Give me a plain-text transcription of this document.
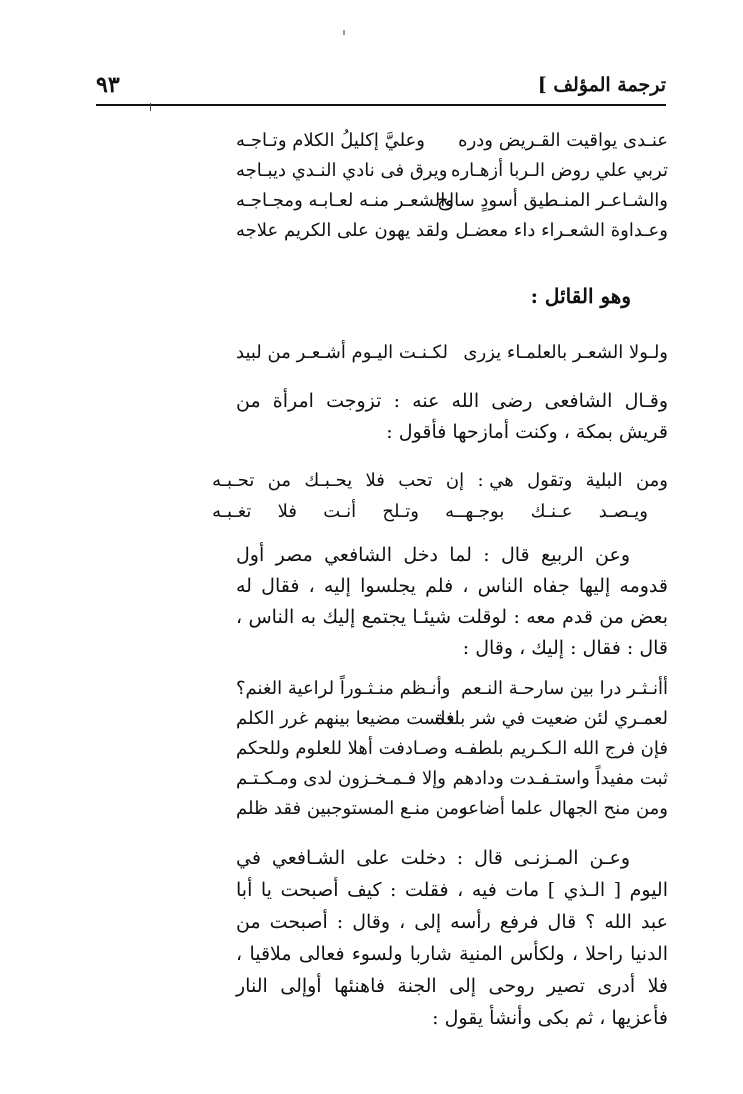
ترجمة المؤلف ]
٩٣
عنـدى يواقيت القـريض ودره
وعليَّ إكليلُ الكلام وتـاجـه
تربي علي روض الـربا أزهـاره
ويرق فى نادي النـدي ديبـاجه
والشـاعـر المنـطيق أسودٍ سالخ
والشعـر منـه لعـابـه ومجـاجـه
وعـداوة الشعـراء داء معضـل
ولقد يهون على الكريم علاجه
وهو القائل :
ولـولا الشعـر بالعلمـاء يزرى
لكـنـت اليـوم أشـعـر من لبيد

وقـال الشافعى رضى الله عنه : تزوجت امرأة من قريش بمكة ، وكنت أمازحها فأقول :

ومن
البلية
وتقول
هي :
إن
تحب
فلا
يحـبـك
من
تحـبـه
ويـصـد
عـنـك
بوجـهــه
وتـلح
أنـت
فلا
تغـبـه

وعن الربيع قال : لما دخل الشافعي مصر أول قدومه إليها جفاه الناس ، فلم يجلسوا إليه ، فقال له بعض من قدم معه : لوقلت شيئـا يجتمع إليك به الناس ، قال : فقال : إليك ، وقال :

أأنـثـر درا بين سارحـة النـعم
وأنـظم منـثـوراً لراعية الغنم؟
لعمـري لئن ضعيت في شر بلدة
فلست مضيعا بينهم غرر الكلم
فإن فرج الله الـكـريم بلطفـه
وصـادفت أهلا للعلوم وللحكم
ثبت مفيداً واستـفـدت ودادهم
وإلا فـمـخـزون لدى ومـكـتـم
ومن منح الجهال علما أضاعه
ومن منـع المستوجبين فقد ظلم

وعـن المـزنـى قال : دخلت على الشـافعي في اليوم [ الـذي ] مات فيه ، فقلت : كيف أصبحت يا أبا عبد الله ؟ قال فرفع رأسه إلى ، وقال : أصبحت من الدنيا راحلا ، ولكأس المنية شاربا ولسوء فعالى ملاقيا ، فلا أدرى تصير روحى إلى الجنة فاهنئها أوإلى النار فأعزيها ، ثم بكى وأنشأ يقول :
